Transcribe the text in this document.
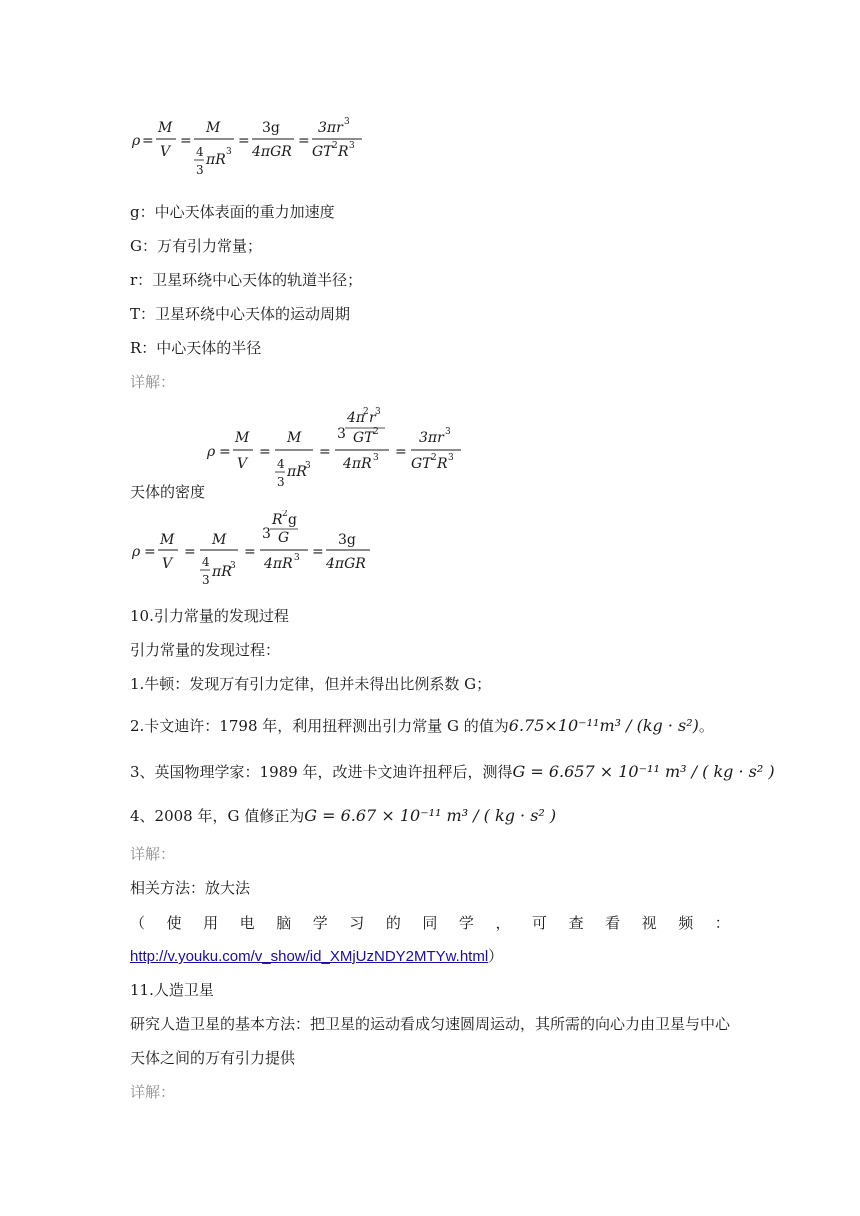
ρ =
M
V
=
M
4
3
πR 3
=
3g
4πGR
=
3πr 3
GT 2 R 3
g：中心天体表面的重力加速度
G：万有引力常量；
r：卫星环绕中心天体的轨道半径；
T：卫星环绕中心天体的运动周期
R：中心天体的半径
详解：
ρ =
M
V
=
M
4
3
πR
3
=
3
4π
2 r 3
GT 2
4πR 3 =
3πr 3
GT 2 R 3
天体的密度
ρ =
M
V
=
M
4
3 πR
3
=
3
R 2 g
G
4πR 3 =
3g
4πGR
10.引力常量的发现过程
引力常量的发现过程：
1.牛顿：发现万有引力定律，但并未得出比例系数 G；
2.卡文迪许：1798 年，利用扭秤测出引力常量 G 的值为6.75×10⁻¹¹m³ / (kg · s²)。
3、英国物理学家：1989 年，改进卡文迪许扭秤后，测得G = 6.657 × 10⁻¹¹ m³ / ( kg · s² )
4、2008 年，G 值修正为G = 6.67 × 10⁻¹¹ m³ / ( kg · s² )
详解：
相关方法：放大法
（ 使 用 电 脑 学 习 的 同 学 ， 可 查 看 视 频 ：
http://v.youku.com/v_show/id_XMjUzNDY2MTYw.html）
11.人造卫星
研究人造卫星的基本方法：把卫星的运动看成匀速圆周运动，其所需的向心力由卫星与中心
天体之间的万有引力提供
详解：
